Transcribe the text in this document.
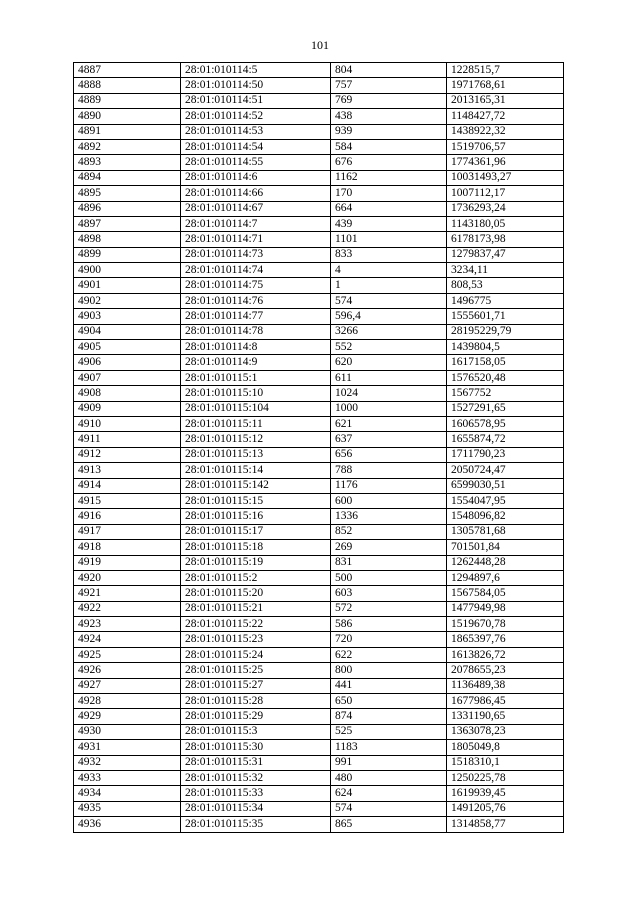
101
4887	28:01:010114:5	804	1228515,7
4888	28:01:010114:50	757	1971768,61
4889	28:01:010114:51	769	2013165,31
4890	28:01:010114:52	438	1148427,72
4891	28:01:010114:53	939	1438922,32
4892	28:01:010114:54	584	1519706,57
4893	28:01:010114:55	676	1774361,96
4894	28:01:010114:6	1162	10031493,27
4895	28:01:010114:66	170	1007112,17
4896	28:01:010114:67	664	1736293,24
4897	28:01:010114:7	439	1143180,05
4898	28:01:010114:71	1101	6178173,98
4899	28:01:010114:73	833	1279837,47
4900	28:01:010114:74	4	3234,11
4901	28:01:010114:75	1	808,53
4902	28:01:010114:76	574	1496775
4903	28:01:010114:77	596,4	1555601,71
4904	28:01:010114:78	3266	28195229,79
4905	28:01:010114:8	552	1439804,5
4906	28:01:010114:9	620	1617158,05
4907	28:01:010115:1	611	1576520,48
4908	28:01:010115:10	1024	1567752
4909	28:01:010115:104	1000	1527291,65
4910	28:01:010115:11	621	1606578,95
4911	28:01:010115:12	637	1655874,72
4912	28:01:010115:13	656	1711790,23
4913	28:01:010115:14	788	2050724,47
4914	28:01:010115:142	1176	6599030,51
4915	28:01:010115:15	600	1554047,95
4916	28:01:010115:16	1336	1548096,82
4917	28:01:010115:17	852	1305781,68
4918	28:01:010115:18	269	701501,84
4919	28:01:010115:19	831	1262448,28
4920	28:01:010115:2	500	1294897,6
4921	28:01:010115:20	603	1567584,05
4922	28:01:010115:21	572	1477949,98
4923	28:01:010115:22	586	1519670,78
4924	28:01:010115:23	720	1865397,76
4925	28:01:010115:24	622	1613826,72
4926	28:01:010115:25	800	2078655,23
4927	28:01:010115:27	441	1136489,38
4928	28:01:010115:28	650	1677986,45
4929	28:01:010115:29	874	1331190,65
4930	28:01:010115:3	525	1363078,23
4931	28:01:010115:30	1183	1805049,8
4932	28:01:010115:31	991	1518310,1
4933	28:01:010115:32	480	1250225,78
4934	28:01:010115:33	624	1619939,45
4935	28:01:010115:34	574	1491205,76
4936	28:01:010115:35	865	1314858,77
